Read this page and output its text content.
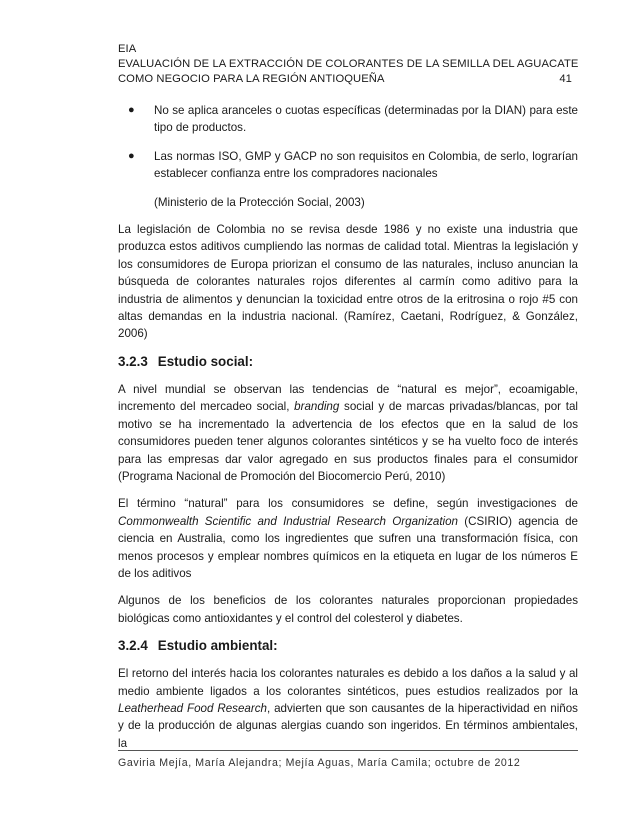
EIA
EVALUACIÓN DE LA EXTRACCIÓN DE COLORANTES DE LA SEMILLA DEL AGUACATE
COMO NEGOCIO PARA LA REGIÓN ANTIOQUEÑA	41
● No se aplica aranceles o cuotas específicas (determinadas por la DIAN) para este tipo de productos.
● Las normas ISO, GMP y GACP no son requisitos en Colombia, de serlo, lograrían establecer confianza entre los compradores nacionales

(Ministerio de la Protección Social, 2003)

La legislación de Colombia no se revisa desde 1986 y no existe una industria que produzca estos aditivos cumpliendo las normas de calidad total. Mientras la legislación y los consumidores de Europa priorizan el consumo de las naturales, incluso anuncian la búsqueda de colorantes naturales rojos diferentes al carmín como aditivo para la industria de alimentos y denuncian la toxicidad entre otros de la eritrosina o rojo #5 con altas demandas en la industria nacional. (Ramírez, Caetani, Rodríguez, & González, 2006)

3.2.3 Estudio social:

A nivel mundial se observan las tendencias de “natural es mejor”, ecoamigable, incremento del mercadeo social, branding social y de marcas privadas/blancas, por tal motivo se ha incrementado la advertencia de los efectos que en la salud de los consumidores pueden tener algunos colorantes sintéticos y se ha vuelto foco de interés para las empresas dar valor agregado en sus productos finales para el consumidor (Programa Nacional de Promoción del Biocomercio Perú, 2010)

El término “natural” para los consumidores se define, según investigaciones de Commonwealth Scientific and Industrial Research Organization (CSIRIO) agencia de ciencia en Australia, como los ingredientes que sufren una transformación física, con menos procesos y emplear nombres químicos en la etiqueta en lugar de los números E de los aditivos

Algunos de los beneficios de los colorantes naturales proporcionan propiedades biológicas como antioxidantes y el control del colesterol y diabetes.

3.2.4 Estudio ambiental:

El retorno del interés hacia los colorantes naturales es debido a los daños a la salud y al medio ambiente ligados a los colorantes sintéticos, pues estudios realizados por la Leatherhead Food Research, advierten que son causantes de la hiperactividad en niños y de la producción de algunas alergias cuando son ingeridos. En términos ambientales, la

Gaviria Mejía, María Alejandra; Mejía Aguas, María Camila; octubre de 2012
